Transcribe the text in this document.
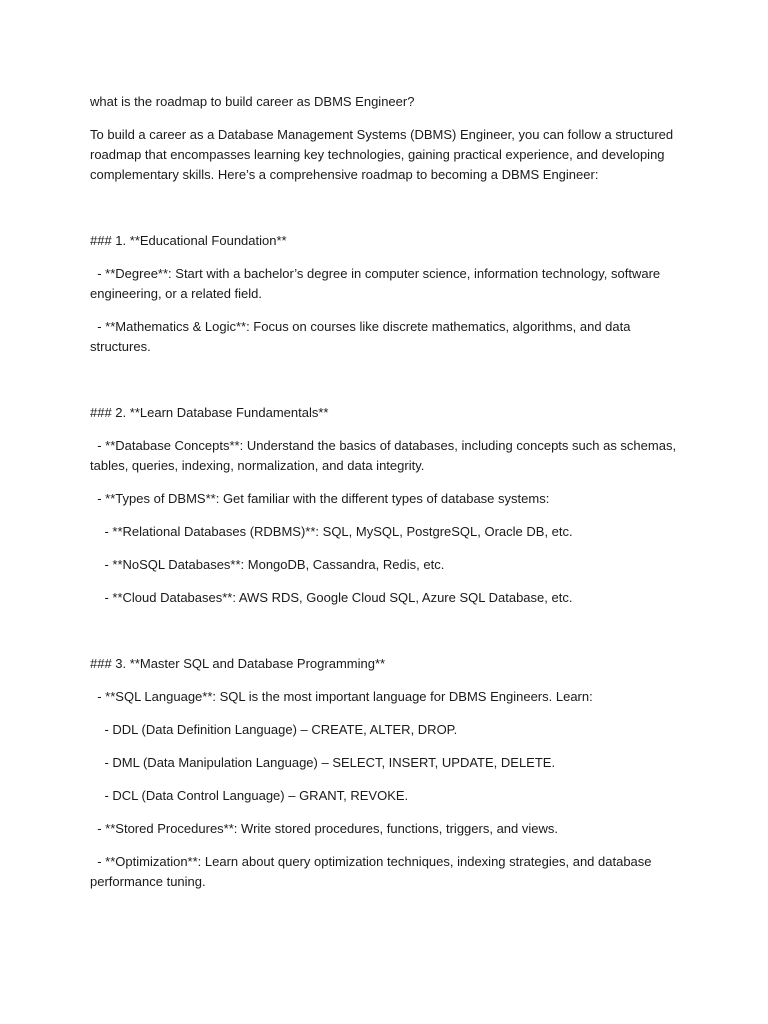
what is the roadmap to build career as DBMS Engineer?

To build a career as a Database Management Systems (DBMS) Engineer, you can follow a structured roadmap that encompasses learning key technologies, gaining practical experience, and developing complementary skills. Here’s a comprehensive roadmap to becoming a DBMS Engineer:

### 1. **Educational Foundation**

- **Degree**: Start with a bachelor’s degree in computer science, information technology, software engineering, or a related field.

- **Mathematics & Logic**: Focus on courses like discrete mathematics, algorithms, and data structures.

### 2. **Learn Database Fundamentals**

- **Database Concepts**: Understand the basics of databases, including concepts such as schemas, tables, queries, indexing, normalization, and data integrity.

- **Types of DBMS**: Get familiar with the different types of database systems:

- **Relational Databases (RDBMS)**: SQL, MySQL, PostgreSQL, Oracle DB, etc.

- **NoSQL Databases**: MongoDB, Cassandra, Redis, etc.

- **Cloud Databases**: AWS RDS, Google Cloud SQL, Azure SQL Database, etc.

### 3. **Master SQL and Database Programming**

- **SQL Language**: SQL is the most important language for DBMS Engineers. Learn:

- DDL (Data Definition Language) – CREATE, ALTER, DROP.

- DML (Data Manipulation Language) – SELECT, INSERT, UPDATE, DELETE.

- DCL (Data Control Language) – GRANT, REVOKE.

- **Stored Procedures**: Write stored procedures, functions, triggers, and views.

- **Optimization**: Learn about query optimization techniques, indexing strategies, and database performance tuning.
